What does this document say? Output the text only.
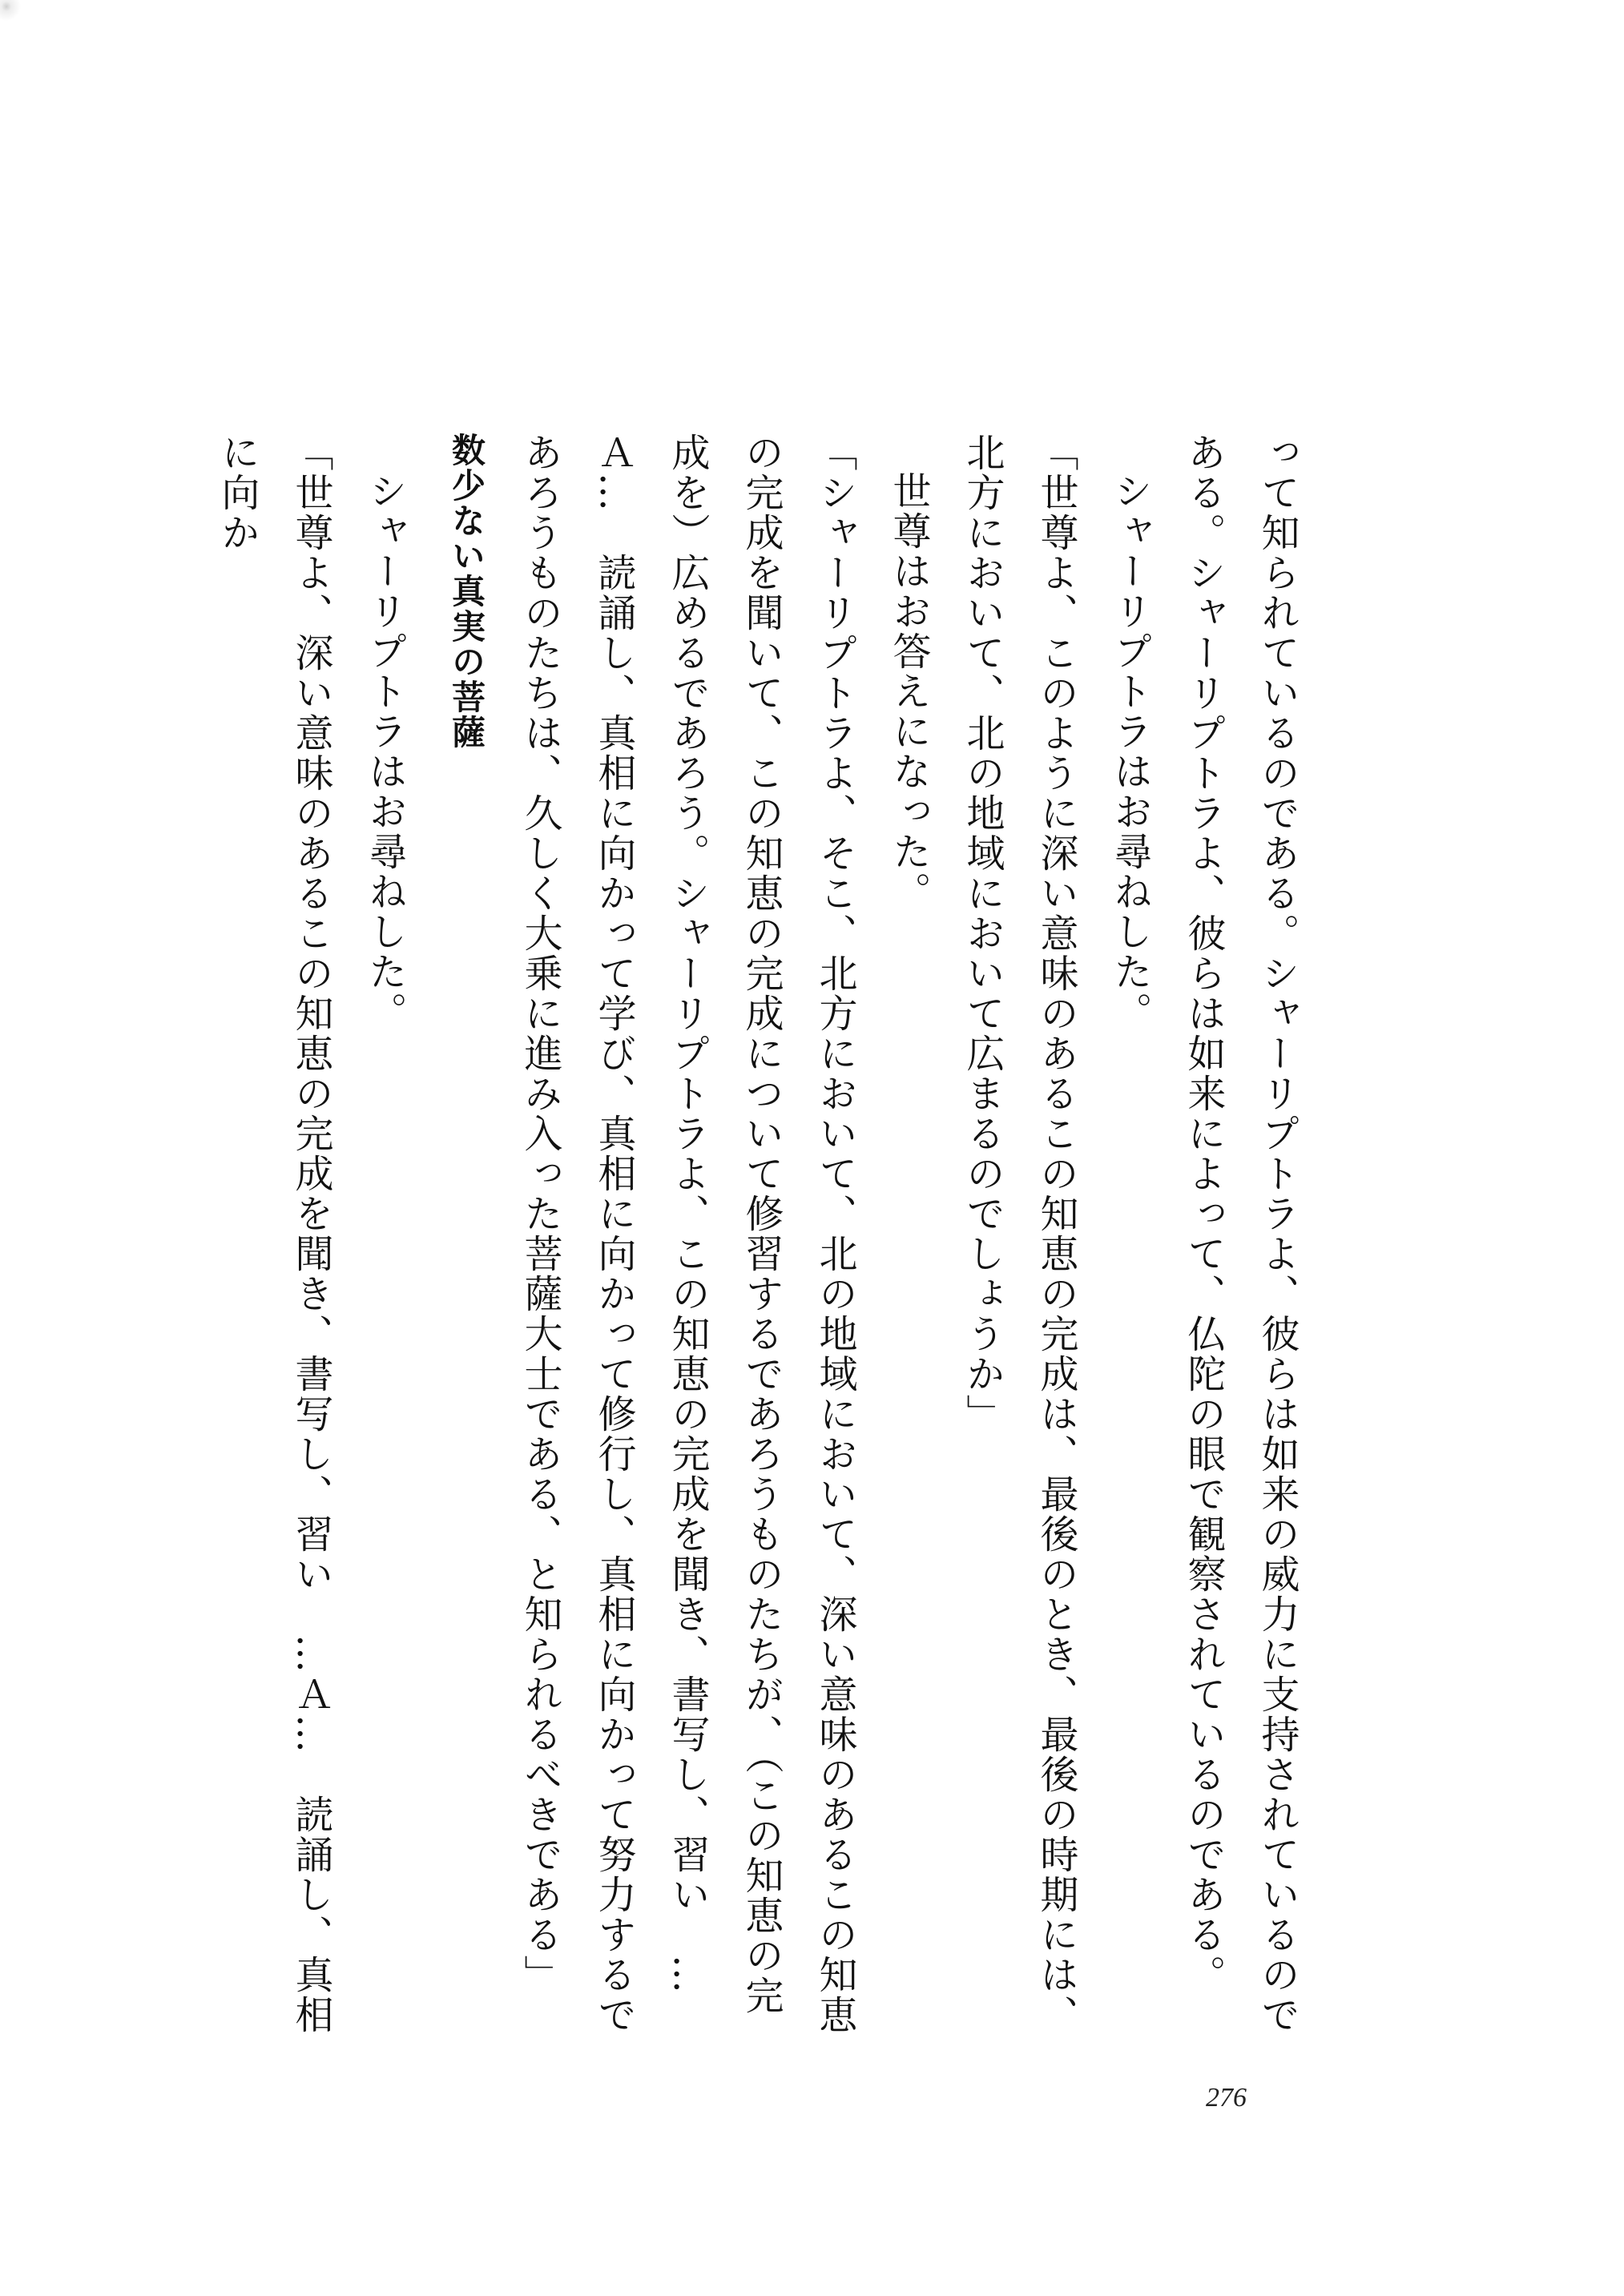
って知られているのである。シャーリプトラよ、彼らは如来の威力に支持されているのである。シャーリプトラよ、彼らは如来によって、仏陀の眼で観察されているのである。

シャーリプトラはお尋ねした。

「世尊よ、このように深い意味のあるこの知恵の完成は、最後のとき、最後の時期には、北方において、北の地域において広まるのでしょうか」

世尊はお答えになった。

「シャーリプトラよ、そこ、北方において、北の地域において、深い意味のあるこの知恵の完成を聞いて、この知恵の完成について修習するであろうものたちが、（この知恵の完成を）広めるであろう。シャーリプトラよ、この知恵の完成を聞き、書写し、習い　…Ａ…　読誦し、真相に向かって学び、真相に向かって修行し、真相に向かって努力するであろうものたちは、久しく大乗に進み入った菩薩大士である、と知られるべきである」

数少ない真実の菩薩

シャーリプトラはお尋ねした。

「世尊よ、深い意味のあるこの知恵の完成を聞き、書写し、習い　…Ａ…　読誦し、真相に向か

276
